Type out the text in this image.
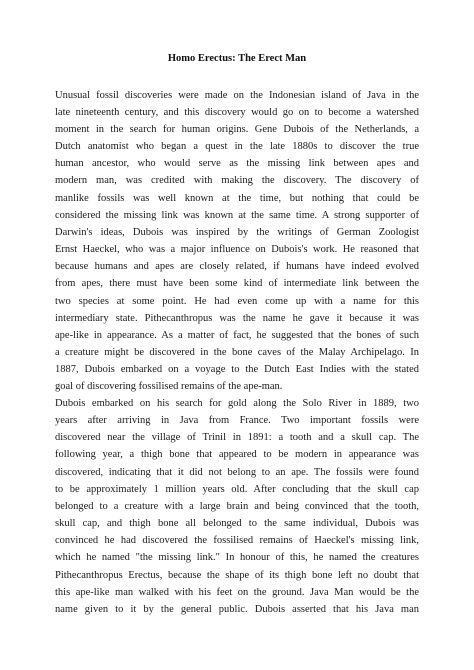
Homo Erectus: The Erect Man
Unusual fossil discoveries were made on the Indonesian island of Java in the
late nineteenth century, and this discovery would go on to become a watershed
moment in the search for human origins. Gene Dubois of the Netherlands, a
Dutch anatomist who began a quest in the late 1880s to discover the true
human ancestor, who would serve as the missing link between apes and
modern man, was credited with making the discovery. The discovery of
manlike fossils was well known at the time, but nothing that could be
considered the missing link was known at the same time. A strong supporter of
Darwin's ideas, Dubois was inspired by the writings of German Zoologist
Ernst Haeckel, who was a major influence on Dubois's work. He reasoned that
because humans and apes are closely related, if humans have indeed evolved
from apes, there must have been some kind of intermediate link between the
two species at some point. He had even come up with a name for this
intermediary state. Pithecanthropus was the name he gave it because it was
ape-like in appearance. As a matter of fact, he suggested that the bones of such
a creature might be discovered in the bone caves of the Malay Archipelago. In
1887, Dubois embarked on a voyage to the Dutch East Indies with the stated
goal of discovering fossilised remains of the ape-man.
Dubois embarked on his search for gold along the Solo River in 1889, two
years after arriving in Java from France. Two important fossils were
discovered near the village of Trinil in 1891: a tooth and a skull cap. The
following year, a thigh bone that appeared to be modern in appearance was
discovered, indicating that it did not belong to an ape. The fossils were found
to be approximately 1 million years old. After concluding that the skull cap
belonged to a creature with a large brain and being convinced that the tooth,
skull cap, and thigh bone all belonged to the same individual, Dubois was
convinced he had discovered the fossilised remains of Haeckel's missing link,
which he named "the missing link." In honour of this, he named the creatures
Pithecanthropus Erectus, because the shape of its thigh bone left no doubt that
this ape-like man walked with his feet on the ground. Java Man would be the
name given to it by the general public. Dubois asserted that his Java man
